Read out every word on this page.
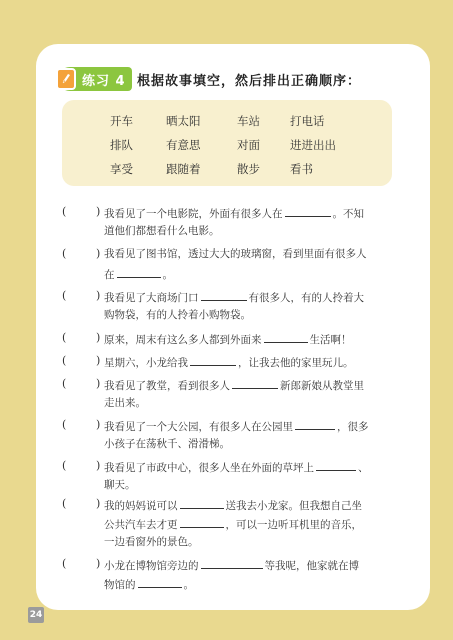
练习 4 根据故事填空，然后排出正确顺序：
开车	晒太阳	车站	打电话
排队	有意思	对面	进进出出
享受	跟随着	散步	看书
(	) 我看见了一个电影院，外面有很多人在	。不知
道他们都想看什么电影。
(	) 我看见了图书馆，透过大大的玻璃窗，看到里面有很多人
在	。
(	) 我看见了大商场门口	有很多人，有的人拎着大
购物袋，有的人拎着小购物袋。
(	) 原来，周末有这么多人都到外面来	生活啊！
(	) 星期六，小龙给我	，让我去他的家里玩儿。
(	) 我看见了教堂，看到很多人	新郎新娘从教堂里
走出来。
(	) 我看见了一个大公园，有很多人在公园里	，很多
小孩子在荡秋千、滑滑梯。
(	) 我看见了市政中心，很多人坐在外面的草坪上	、
聊天。
(	) 我的妈妈说可以	送我去小龙家。但我想自己坐
公共汽车去才更	，可以一边听耳机里的音乐，
一边看窗外的景色。
(	) 小龙在博物馆旁边的	等我呢，他家就在博
物馆的	。
24
